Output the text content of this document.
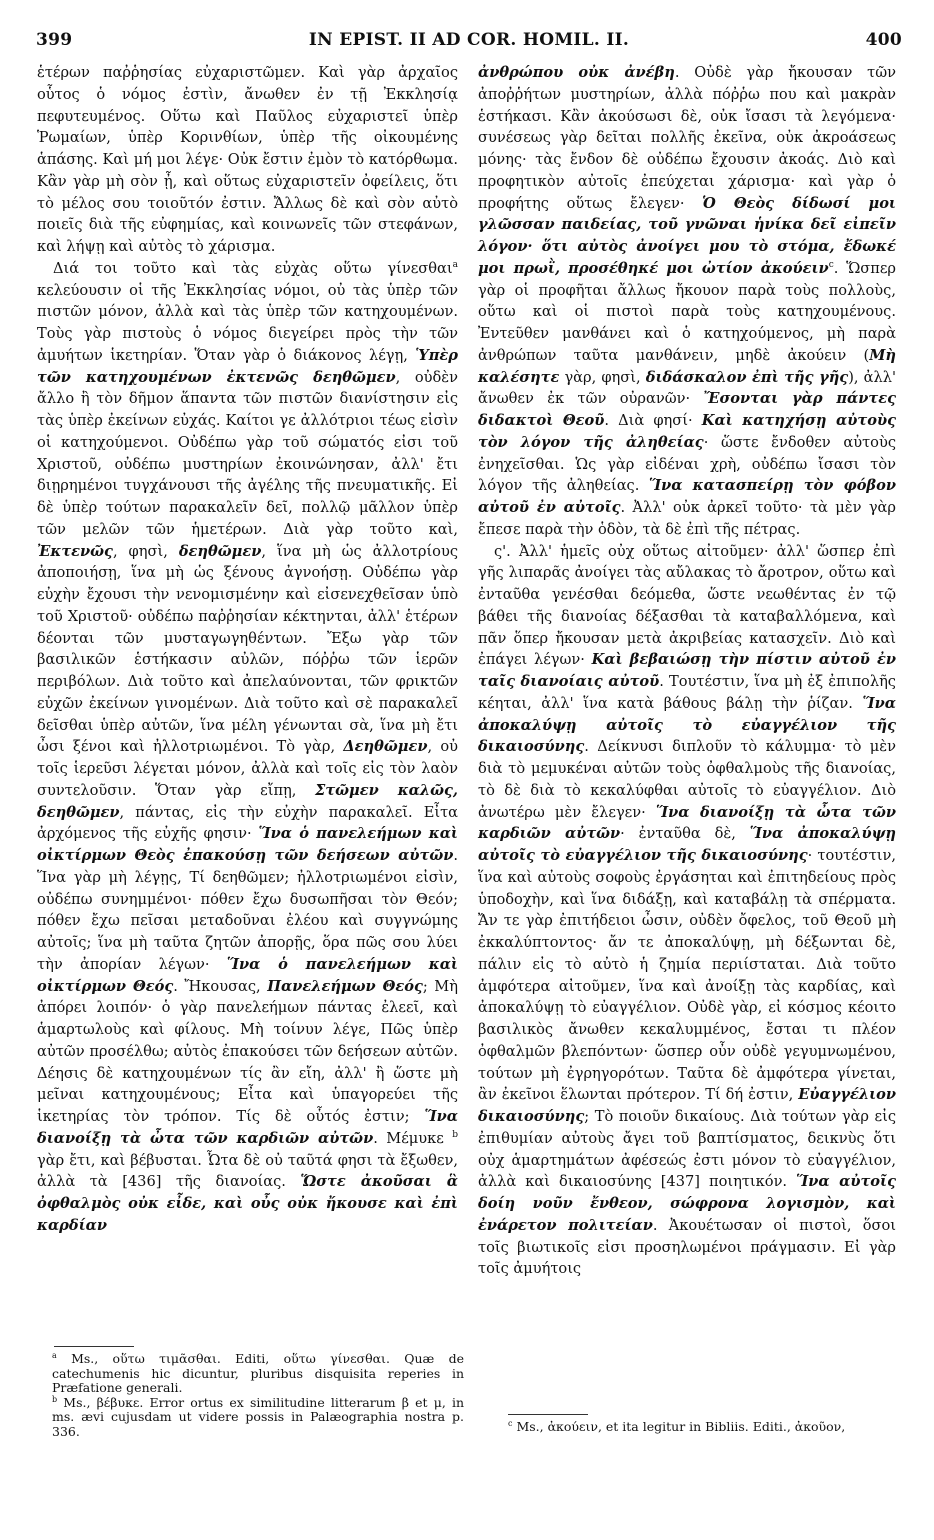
399	IN EPIST. II AD COR. HOMIL. II.	400

ἑτέρων παῤῥησίας εὐχαριστῶμεν. Καὶ γὰρ ἀρχαῖος οὗτος ὁ νόμος ἐστὶν, ἄνωθεν ἐν τῇ Ἐκκλησίᾳ πεφυτευμένος. Οὕτω καὶ Παῦλος εὐχαριστεῖ ὑπὲρ Ῥωμαίων, ὑπὲρ Κορινθίων, ὑπὲρ τῆς οἰκουμένης ἁπάσης. Καὶ μή μοι λέγε· Οὐκ ἔστιν ἐμὸν τὸ κατόρθωμα. Κἂν γὰρ μὴ σὸν ᾖ, καὶ οὕτως εὐχαριστεῖν ὀφείλεις, ὅτι τὸ μέλος σου τοιοῦτόν ἐστιν. Ἄλλως δὲ καὶ σὸν αὐτὸ ποιεῖς διὰ τῆς εὐφημίας, καὶ κοινωνεῖς τῶν στεφάνων, καὶ λήψῃ καὶ αὐτὸς τὸ χάρισμα.

Διά τοι τοῦτο καὶ τὰς εὐχὰς οὕτω γίνεσθαι$^a$ κελεύουσιν οἱ τῆς Ἐκκλησίας νόμοι, οὐ τὰς ὑπὲρ τῶν πιστῶν μόνον, ἀλλὰ καὶ τὰς ὑπὲρ τῶν κατηχουμένων. Τοὺς γὰρ πιστοὺς ὁ νόμος διεγείρει πρὸς τὴν τῶν ἀμυήτων ἱκετηρίαν. Ὅταν γὰρ ὁ διάκονος λέγῃ, Ὑπὲρ τῶν κατηχουμένων ἐκτενῶς δεηθῶμεν, οὐδὲν ἄλλο ἢ τὸν δῆμον ἅπαντα τῶν πιστῶν διανίστησιν εἰς τὰς ὑπὲρ ἐκείνων εὐχάς. Καίτοι γε ἀλλότριοι τέως εἰσὶν οἱ κατηχούμενοι. Οὐδέπω γὰρ τοῦ σώματός εἰσι τοῦ Χριστοῦ, οὐδέπω μυστηρίων ἐκοινώνησαν, ἀλλ' ἔτι διῃρημένοι τυγχάνουσι τῆς ἀγέλης τῆς πνευματικῆς. Εἰ δὲ ὑπὲρ τούτων παρακαλεῖν δεῖ, πολλῷ μᾶλλον ὑπὲρ τῶν μελῶν τῶν ἡμετέρων. Διὰ γὰρ τοῦτο καὶ, Ἐκτενῶς, φησὶ, δεηθῶμεν, ἵνα μὴ ὡς ἀλλοτρίους ἀποποιήσῃ, ἵνα μὴ ὡς ξένους ἀγνοήσῃ. Οὐδέπω γὰρ εὐχὴν ἔχουσι τὴν νενομισμένην καὶ εἰσενεχθεῖσαν ὑπὸ τοῦ Χριστοῦ· οὐδέπω παῤῥησίαν κέκτηνται, ἀλλ' ἑτέρων δέονται τῶν μυσταγωγηθέντων. Ἔξω γὰρ τῶν βασιλικῶν ἑστήκασιν αὐλῶν, πόῤῥω τῶν ἱερῶν περιβόλων. Διὰ τοῦτο καὶ ἀπελαύνονται, τῶν φρικτῶν εὐχῶν ἐκείνων γινομένων. Διὰ τοῦτο καὶ σὲ παρακαλεῖ δεῖσθαι ὑπὲρ αὐτῶν, ἵνα μέλη γένωνται σὰ, ἵνα μὴ ἔτι ὦσι ξένοι καὶ ἠλλοτριωμένοι. Τὸ γὰρ, Δεηθῶμεν, οὐ τοῖς ἱερεῦσι λέγεται μόνον, ἀλλὰ καὶ τοῖς εἰς τὸν λαὸν συντελοῦσιν. Ὅταν γὰρ εἴπῃ, Στῶμεν καλῶς, δεηθῶμεν, πάντας, εἰς τὴν εὐχὴν παρακαλεῖ. Εἶτα ἀρχόμενος τῆς εὐχῆς φησιν· Ἵνα ὁ πανελεήμων καὶ οἰκτίρμων Θεὸς ἐπακούσῃ τῶν δεήσεων αὐτῶν. Ἵνα γὰρ μὴ λέγῃς, Τί δεηθῶμεν; ἠλλοτριωμένοι εἰσὶν, οὐδέπω συνημμένοι· πόθεν ἔχω δυσωπῆσαι τὸν Θεόν; πόθεν ἔχω πεῖσαι μεταδοῦναι ἐλέου καὶ συγγνώμης αὐτοῖς; ἵνα μὴ ταῦτα ζητῶν ἀπορῇς, ὅρα πῶς σου λύει τὴν ἀπορίαν λέγων· Ἵνα ὁ πανελεήμων καὶ οἰκτίρμων Θεός. Ἤκουσας, Πανελεήμων Θεός; Μὴ ἀπόρει λοιπόν· ὁ γὰρ πανελεήμων πάντας ἐλεεῖ, καὶ ἁμαρτωλοὺς καὶ φίλους. Μὴ τοίνυν λέγε, Πῶς ὑπὲρ αὐτῶν προσέλθω; αὐτὸς ἐπακούσει τῶν δεήσεων αὐτῶν. Δέησις δὲ κατηχουμένων τίς ἂν εἴη, ἀλλ' ἢ ὥστε μὴ μεῖναι κατηχουμένους; Εἶτα καὶ ὑπαγορεύει τῆς ἱκετηρίας τὸν τρόπον. Τίς δὲ οὗτός ἐστιν; Ἵνα διανοίξῃ τὰ ὦτα τῶν καρδιῶν αὐτῶν. Μέμυκε $^b$ γὰρ ἔτι, καὶ βέβυσται. Ὦτα δὲ οὐ ταῦτά φησι τὰ ἔξωθεν, ἀλλὰ τὰ [436] τῆς διανοίας. Ὥστε ἀκοῦσαι ἃ ὀφθαλμὸς οὐκ εἶδε, καὶ οὖς οὐκ ἤκουσε καὶ ἐπὶ καρδίαν

ἀνθρώπου οὐκ ἀνέβη. Οὐδὲ γὰρ ἤκουσαν τῶν ἀποῤῥήτων μυστηρίων, ἀλλὰ πόῤῥω που καὶ μακρὰν ἑστήκασι. Κἂν ἀκούσωσι δὲ, οὐκ ἴσασι τὰ λεγόμενα· συνέσεως γὰρ δεῖται πολλῆς ἐκεῖνα, οὐκ ἀκροάσεως μόνης· τὰς ἔνδον δὲ οὐδέπω ἔχουσιν ἀκοάς. Διὸ καὶ προφητικὸν αὐτοῖς ἐπεύχεται χάρισμα· καὶ γὰρ ὁ προφήτης οὕτως ἔλεγεν· Ὁ Θεὸς δίδωσί μοι γλῶσσαν παιδείας, τοῦ γνῶναι ἡνίκα δεῖ εἰπεῖν λόγον· ὅτι αὐτὸς ἀνοίγει μου τὸ στόμα, ἔδωκέ μοι πρωῒ, προσέθηκέ μοι ὠτίον ἀκούειν$^c$. Ὥσπερ γὰρ οἱ προφῆται ἄλλως ἤκουον παρὰ τοὺς πολλοὺς, οὕτω καὶ οἱ πιστοὶ παρὰ τοὺς κατηχουμένους. Ἐντεῦθεν μανθάνει καὶ ὁ κατηχούμενος, μὴ παρὰ ἀνθρώπων ταῦτα μανθάνειν, μηδὲ ἀκούειν (Μὴ καλέσητε γὰρ, φησὶ, διδάσκαλον ἐπὶ τῆς γῆς), ἀλλ' ἄνωθεν ἐκ τῶν οὐρανῶν· Ἔσονται γὰρ πάντες διδακτοὶ Θεοῦ. Διὰ φησί· Καὶ κατηχήσῃ αὐτοὺς τὸν λόγον τῆς ἀληθείας· ὥστε ἔνδοθεν αὐτοὺς ἐνηχεῖσθαι. Ὡς γὰρ εἰδέναι χρὴ, οὐδέπω ἴσασι τὸν λόγον τῆς ἀληθείας. Ἵνα κατασπείρῃ τὸν φόβον αὐτοῦ ἐν αὐτοῖς. Ἀλλ' οὐκ ἀρκεῖ τοῦτο· τὰ μὲν γὰρ ἔπεσε παρὰ τὴν ὁδὸν, τὰ δὲ ἐπὶ τῆς πέτρας.

ς'. Ἀλλ' ἡμεῖς οὐχ οὕτως αἰτοῦμεν· ἀλλ' ὥσπερ ἐπὶ γῆς λιπαρᾶς ἀνοίγει τὰς αὔλακας τὸ ἄροτρον, οὕτω καὶ ἐνταῦθα γενέσθαι δεόμεθα, ὥστε νεωθέντας ἐν τῷ βάθει τῆς διανοίας δέξασθαι τὰ καταβαλλόμενα, καὶ πᾶν ὅπερ ἤκουσαν μετὰ ἀκριβείας κατασχεῖν. Διὸ καὶ ἐπάγει λέγων· Καὶ βεβαιώσῃ τὴν πίστιν αὐτοῦ ἐν ταῖς διανοίαις αὐτοῦ. Τουτέστιν, ἵνα μὴ ἐξ ἐπιπολῆς κέηται, ἀλλ' ἵνα κατὰ βάθους βάλῃ τὴν ῥίζαν. Ἵνα ἀποκαλύψῃ αὐτοῖς τὸ εὐαγγέλιον τῆς δικαιοσύνης. Δείκνυσι διπλοῦν τὸ κάλυμμα· τὸ μὲν διὰ τὸ μεμυκέναι αὐτῶν τοὺς ὀφθαλμοὺς τῆς διανοίας, τὸ δὲ διὰ τὸ κεκαλύφθαι αὐτοῖς τὸ εὐαγγέλιον. Διὸ ἀνωτέρω μὲν ἔλεγεν· Ἵνα διανοίξῃ τὰ ὦτα τῶν καρδιῶν αὐτῶν· ἐνταῦθα δὲ, Ἵνα ἀποκαλύψῃ αὐτοῖς τὸ εὐαγγέλιον τῆς δικαιοσύνης· τουτέστιν, ἵνα καὶ αὐτοὺς σοφοὺς ἐργάσηται καὶ ἐπιτηδείους πρὸς ὑποδοχὴν, καὶ ἵνα διδάξῃ, καὶ καταβάλῃ τὰ σπέρματα. Ἄν τε γὰρ ἐπιτήδειοι ὦσιν, οὐδὲν ὄφελος, τοῦ Θεοῦ μὴ ἐκκαλύπτοντος· ἄν τε ἀποκαλύψῃ, μὴ δέξωνται δὲ, πάλιν εἰς τὸ αὐτὸ ἡ ζημία περιίσταται. Διὰ τοῦτο ἀμφότερα αἰτοῦμεν, ἵνα καὶ ἀνοίξῃ τὰς καρδίας, καὶ ἀποκαλύψῃ τὸ εὐαγγέλιον. Οὐδὲ γὰρ, εἰ κόσμος κέοιτο βασιλικὸς ἄνωθεν κεκαλυμμένος, ἔσται τι πλέον ὀφθαλμῶν βλεπόντων· ὥσπερ οὖν οὐδὲ γεγυμνωμένου, τούτων μὴ ἐγρηγορότων. Ταῦτα δὲ ἀμφότερα γίνεται, ἂν ἐκεῖνοι ἕλωνται πρότερον. Τί δή ἐστιν, Εὐαγγέλιον δικαιοσύνης; Τὸ ποιοῦν δικαίους. Διὰ τούτων γὰρ εἰς ἐπιθυμίαν αὐτοὺς ἄγει τοῦ βαπτίσματος, δεικνὺς ὅτι οὐχ ἁμαρτημάτων ἀφέσεώς ἐστι μόνον τὸ εὐαγγέλιον, ἀλλὰ καὶ δικαιοσύνης [437] ποιητικόν. Ἵνα αὐτοῖς δοίη νοῦν ἔνθεον, σώφρονα λογισμὸν, καὶ ἐνάρετον πολιτείαν. Ἀκουέτωσαν οἱ πιστοὶ, ὅσοι τοῖς βιωτικοῖς εἰσι προσηλωμένοι πράγμασιν. Εἰ γὰρ τοῖς ἀμυήτοις

$^a$ Ms., οὕτω τιμᾶσθαι. Editi, οὕτω γίνεσθαι. Quæ de catechumenis hic dicuntur, pluribus disquisita reperies in Præfatione generali.

$^b$ Ms., βέβυκε. Error ortus ex similitudine litterarum β et μ, in ms. ævi cujusdam ut videre possis in Palæographia nostra p. 336.

$^c$ Ms., ἀκούειν, et ita legitur in Bibliis. Editi., ἀκοῦον,
